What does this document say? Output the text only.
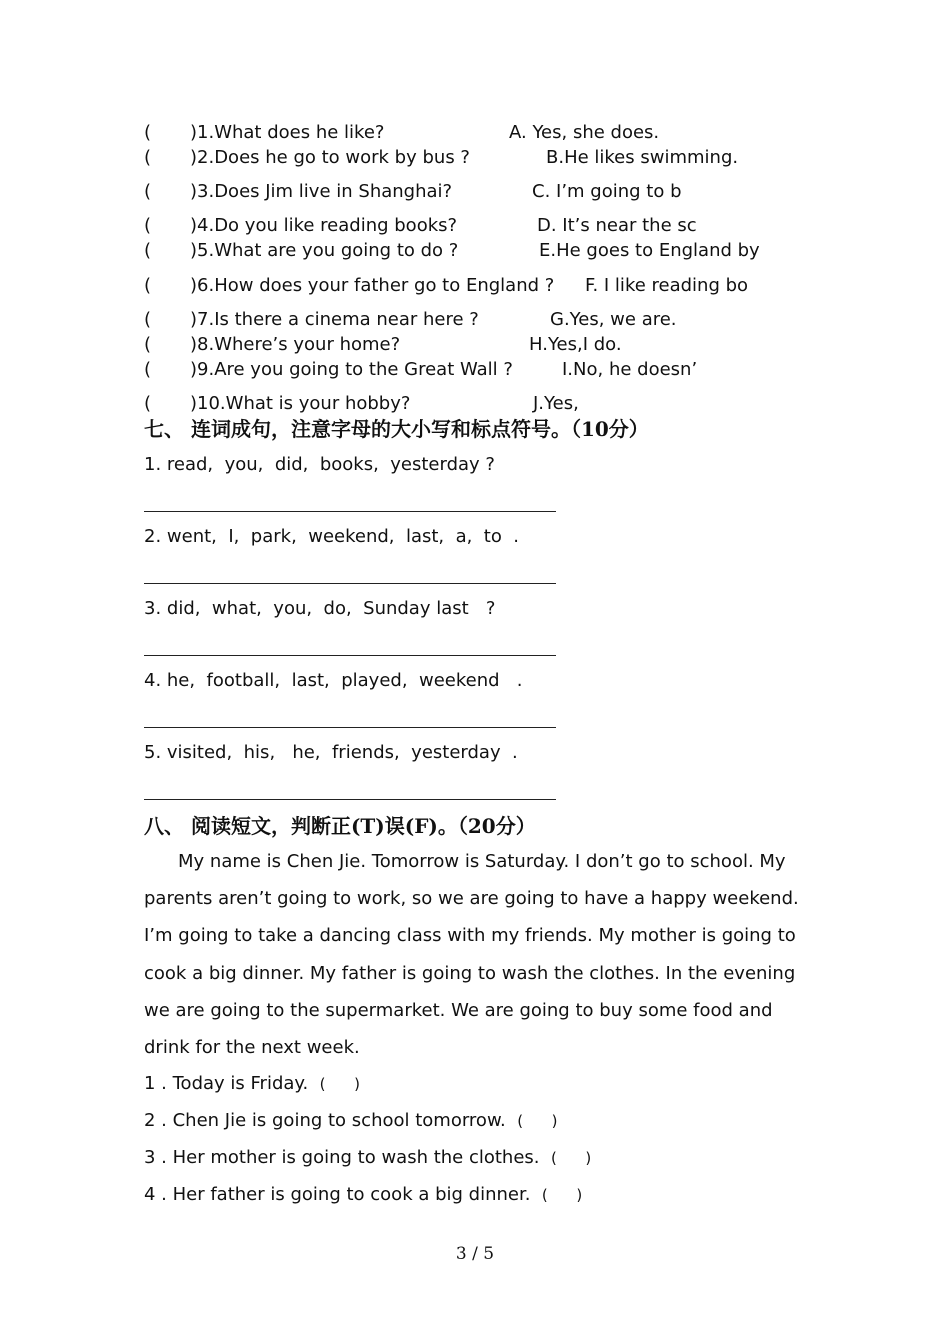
( )1.What does he like?	A. Yes, she does.
( )2.Does he go to work by bus ?	B.He likes swimming.
( )3.Does Jim live in Shanghai?	C. I’m going to b
( )4.Do you like reading books?	D. It’s near the sc
( )5.What are you going to do ?	E.He goes to England by
( )6.How does your father go to England ? F. I like reading bo
( )7.Is there a cinema near here ?	G.Yes, we are.
( )8.Where’s your home?	H.Yes,I do.
( )9.Are you going to the Great Wall ?	I.No, he doesn’
( )10.What is your hobby?	J.Yes,
七、 连词成句，注意字母的大小写和标点符号。（10分）
1. read,  you,  did,  books,  yesterday ?
2. went,  I,  park,  weekend,  last,  a,  to  .
3. did,  what,  you,  do,  Sunday last   ?
4. he,  football,  last,  played,  weekend   .
5. visited,  his,   he,  friends,  yesterday  .
八、 阅读短文，判断正(T)误(F)。（20分）
My name is Chen Jie. Tomorrow is Saturday. I don’t go to school. My parents aren’t going to work, so we are going to have a happy weekend. I’m going to take a dancing class with my friends. My mother is going to cook a big dinner. My father is going to wash the clothes. In the evening we are going to the supermarket. We are going to buy some food and drink for the next week.
1 . Today is Friday.  (      )
2 . Chen Jie is going to school tomorrow.  (      )
3 . Her mother is going to wash the clothes.  (      )
4 . Her father is going to cook a big dinner.  (      )
3 / 5
